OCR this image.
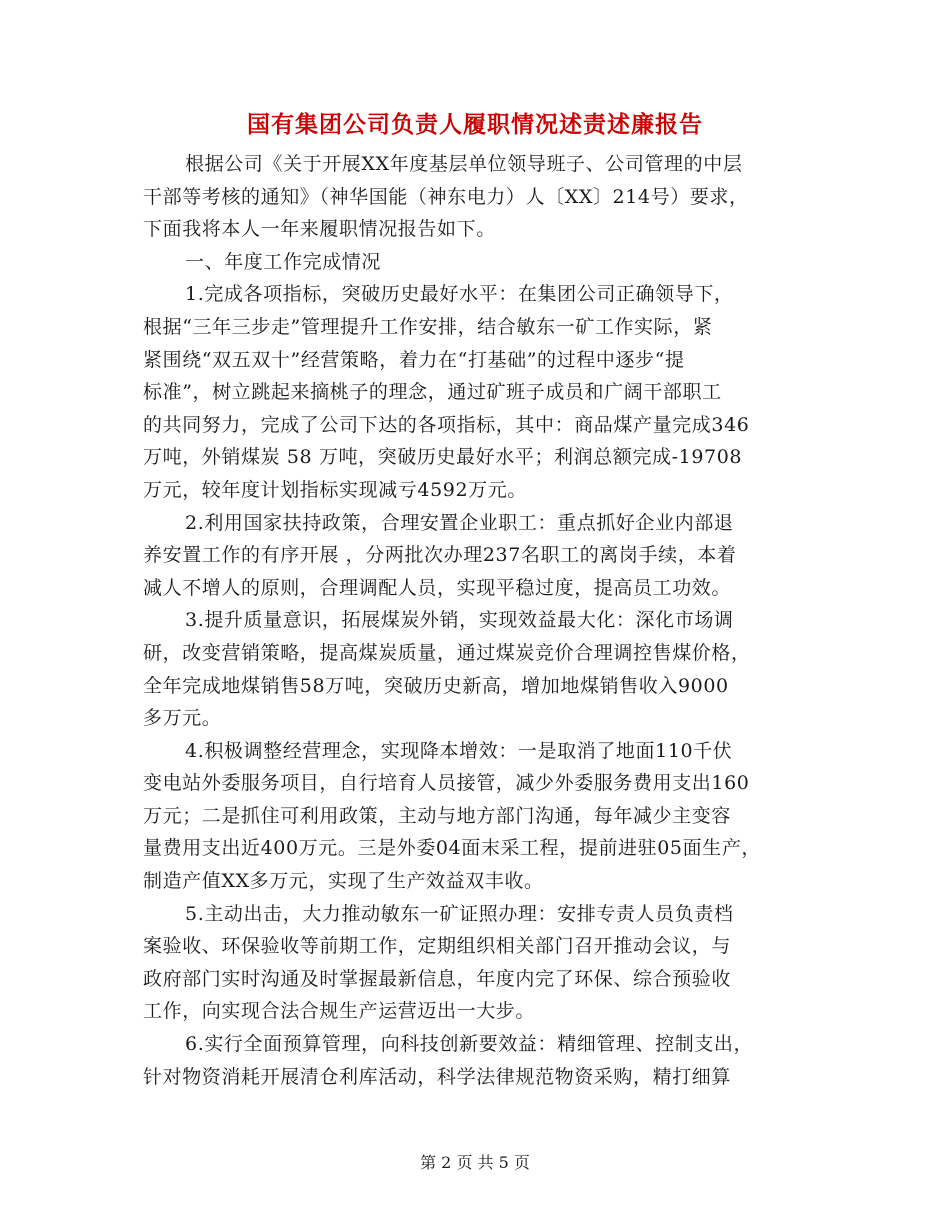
国有集团公司负责人履职情况述责述廉报告
根据公司《关于开展XX年度基层单位领导班子、公司管理的中层
干部等考核的通知》（神华国能（神东电力）人〔XX〕214号）要求，
下面我将本人一年来履职情况报告如下。
一、年度工作完成情况
1.完成各项指标，突破历史最好水平：在集团公司正确领导下，
根据“三年三步走”管理提升工作安排，结合敏东一矿工作实际，紧
紧围绕“双五双十”经营策略，着力在“打基础”的过程中逐步“提
标准”，树立跳起来摘桃子的理念，通过矿班子成员和广阔干部职工
的共同努力，完成了公司下达的各项指标，其中：商品煤产量完成346
万吨，外销煤炭 58 万吨，突破历史最好水平；利润总额完成-19708
万元，较年度计划指标实现减亏4592万元。
2.利用国家扶持政策，合理安置企业职工：重点抓好企业内部退
养安置工作的有序开展 ，分两批次办理237名职工的离岗手续，本着
减人不增人的原则，合理调配人员，实现平稳过度，提高员工功效。
3.提升质量意识，拓展煤炭外销，实现效益最大化：深化市场调
研，改变营销策略，提高煤炭质量，通过煤炭竞价合理调控售煤价格，
全年完成地煤销售58万吨，突破历史新高，增加地煤销售收入9000
多万元。
4.积极调整经营理念，实现降本增效：一是取消了地面110千伏
变电站外委服务项目，自行培育人员接管，减少外委服务费用支出160
万元；二是抓住可利用政策，主动与地方部门沟通，每年减少主变容
量费用支出近400万元。三是外委04面末采工程，提前进驻05面生产，
制造产值XX多万元，实现了生产效益双丰收。
5.主动出击，大力推动敏东一矿证照办理：安排专责人员负责档
案验收、环保验收等前期工作，定期组织相关部门召开推动会议，与
政府部门实时沟通及时掌握最新信息，年度内完了环保、综合预验收
工作，向实现合法合规生产运营迈出一大步。
6.实行全面预算管理，向科技创新要效益：精细管理、控制支出，
针对物资消耗开展清仓利库活动，科学法律规范物资采购，精打细算
第 2 页 共 5 页
